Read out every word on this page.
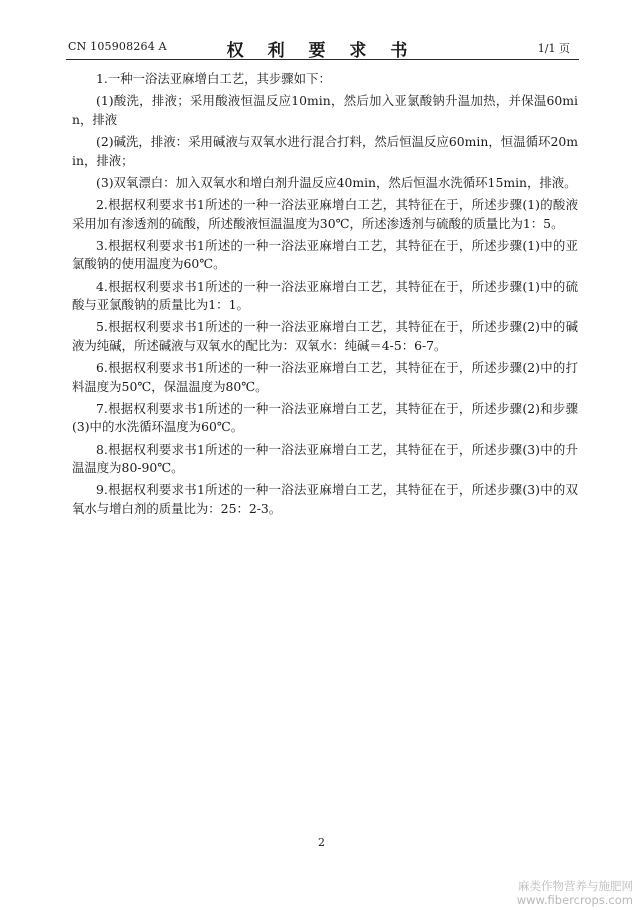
CN 105908264 A	权 利 要 求 书	1/1 页

1.一种一浴法亚麻增白工艺，其步骤如下：

(1)酸洗，排液；采用酸液恒温反应10min，然后加入亚氯酸钠升温加热，并保温60min，排液

(2)碱洗，排液：采用碱液与双氧水进行混合打料，然后恒温反应60min，恒温循环20min，排液；

(3)双氧漂白：加入双氧水和增白剂升温反应40min，然后恒温水洗循环15min，排液。

2.根据权利要求书1所述的一种一浴法亚麻增白工艺，其特征在于，所述步骤(1)的酸液采用加有渗透剂的硫酸，所述酸液恒温温度为30℃，所述渗透剂与硫酸的质量比为1：5。

3.根据权利要求书1所述的一种一浴法亚麻增白工艺，其特征在于，所述步骤(1)中的亚氯酸钠的使用温度为60℃。

4.根据权利要求书1所述的一种一浴法亚麻增白工艺，其特征在于，所述步骤(1)中的硫酸与亚氯酸钠的质量比为1：1。

5.根据权利要求书1所述的一种一浴法亚麻增白工艺，其特征在于，所述步骤(2)中的碱液为纯碱，所述碱液与双氧水的配比为：双氧水：纯碱＝4-5：6-7。

6.根据权利要求书1所述的一种一浴法亚麻增白工艺，其特征在于，所述步骤(2)中的打料温度为50℃，保温温度为80℃。

7.根据权利要求书1所述的一种一浴法亚麻增白工艺，其特征在于，所述步骤(2)和步骤(3)中的水洗循环温度为60℃。

8.根据权利要求书1所述的一种一浴法亚麻增白工艺，其特征在于，所述步骤(3)中的升温温度为80-90℃。

9.根据权利要求书1所述的一种一浴法亚麻增白工艺，其特征在于，所述步骤(3)中的双氧水与增白剂的质量比为：25：2-3。

2
麻类作物营养与施肥网
www.fibercrops.com
